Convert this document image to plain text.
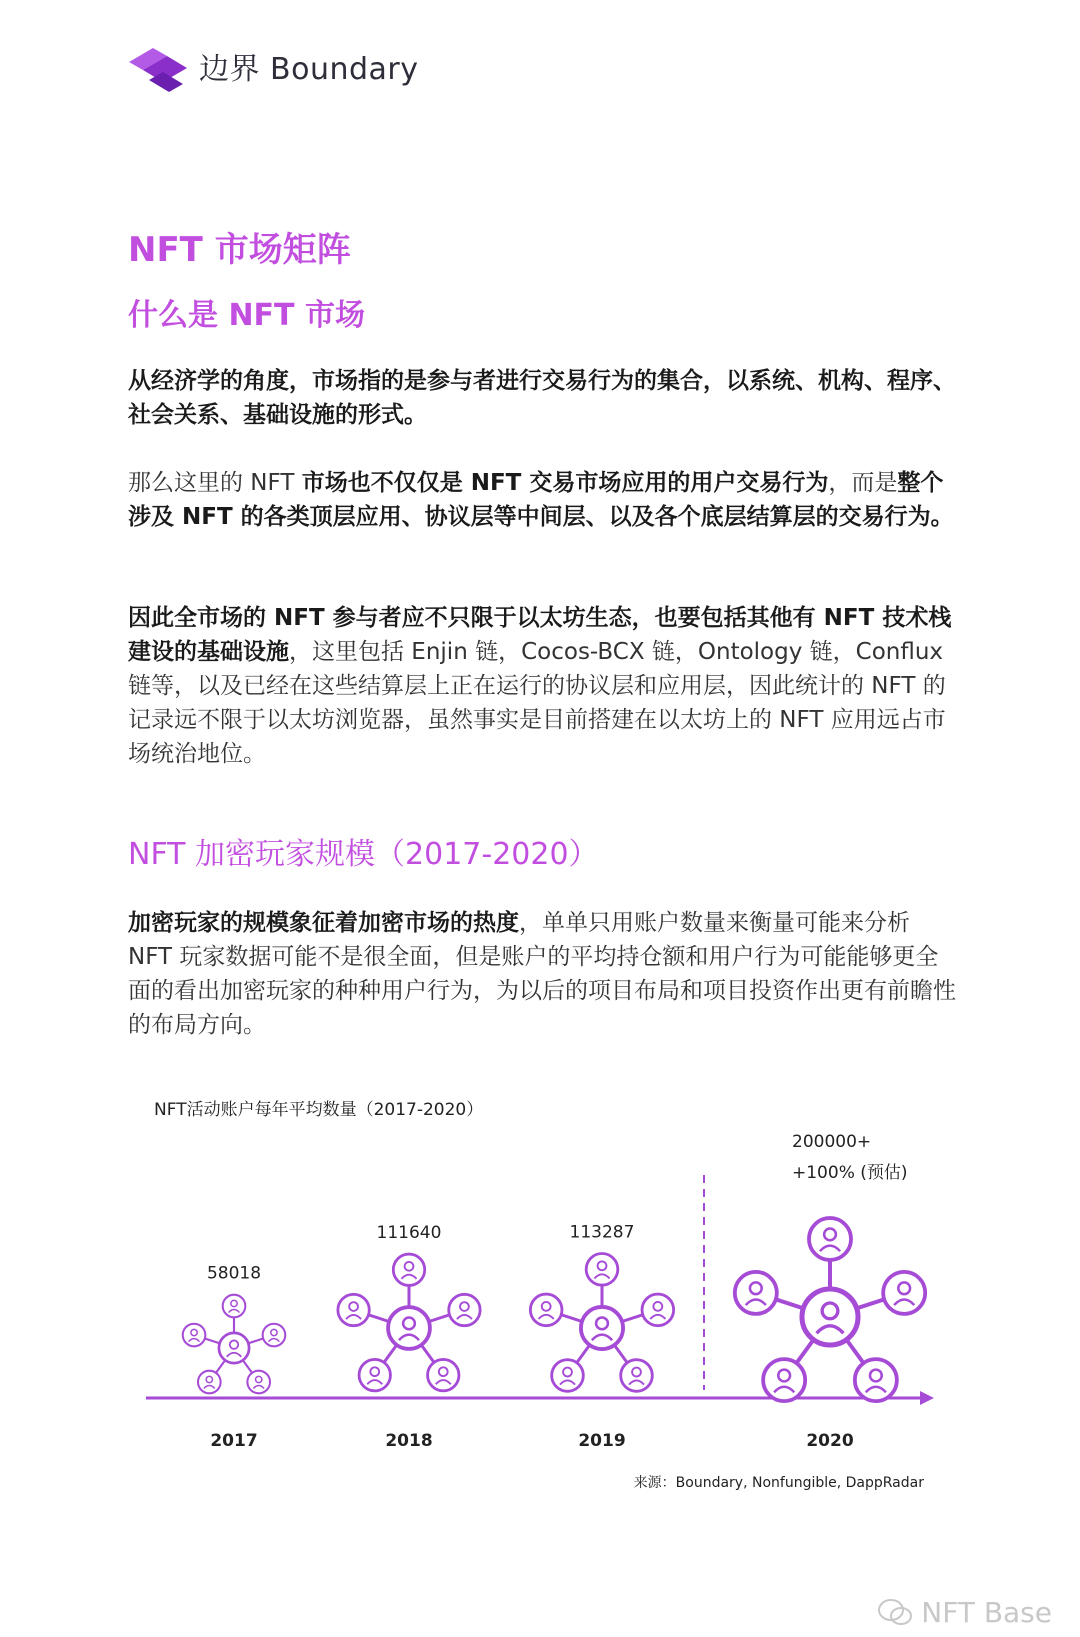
边界 Boundary
NFT 市场矩阵
什么是 NFT 市场

从经济学的角度，市场指的是参与者进行交易行为的集合，以系统、机构、程序、社会关系、基础设施的形式。

那么这里的 NFT 市场也不仅仅是 NFT 交易市场应用的用户交易行为，而是整个涉及 NFT 的各类顶层应用、协议层等中间层、以及各个底层结算层的交易行为。

因此全市场的 NFT 参与者应不只限于以太坊生态，也要包括其他有 NFT 技术栈建设的基础设施，这里包括 Enjin 链，Cocos-BCX 链，Ontology 链，Conflux 链等，以及已经在这些结算层上正在运行的协议层和应用层，因此统计的 NFT 的记录远不限于以太坊浏览器，虽然事实是目前搭建在以太坊上的 NFT 应用远占市场统治地位。

NFT 加密玩家规模（2017-2020）

加密玩家的规模象征着加密市场的热度，单单只用账户数量来衡量可能来分析 NFT 玩家数据可能不是很全面，但是账户的平均持仓额和用户行为可能能够更全面的看出加密玩家的种种用户行为，为以后的项目布局和项目投资作出更有前瞻性的布局方向。

NFT活动账户每年平均数量（2017-2020）
+100% (预估)
58018
2017
111640
2018
113287
2019
200000+
2020
来源：Boundary, Nonfungible, DappRadar
NFT Base
